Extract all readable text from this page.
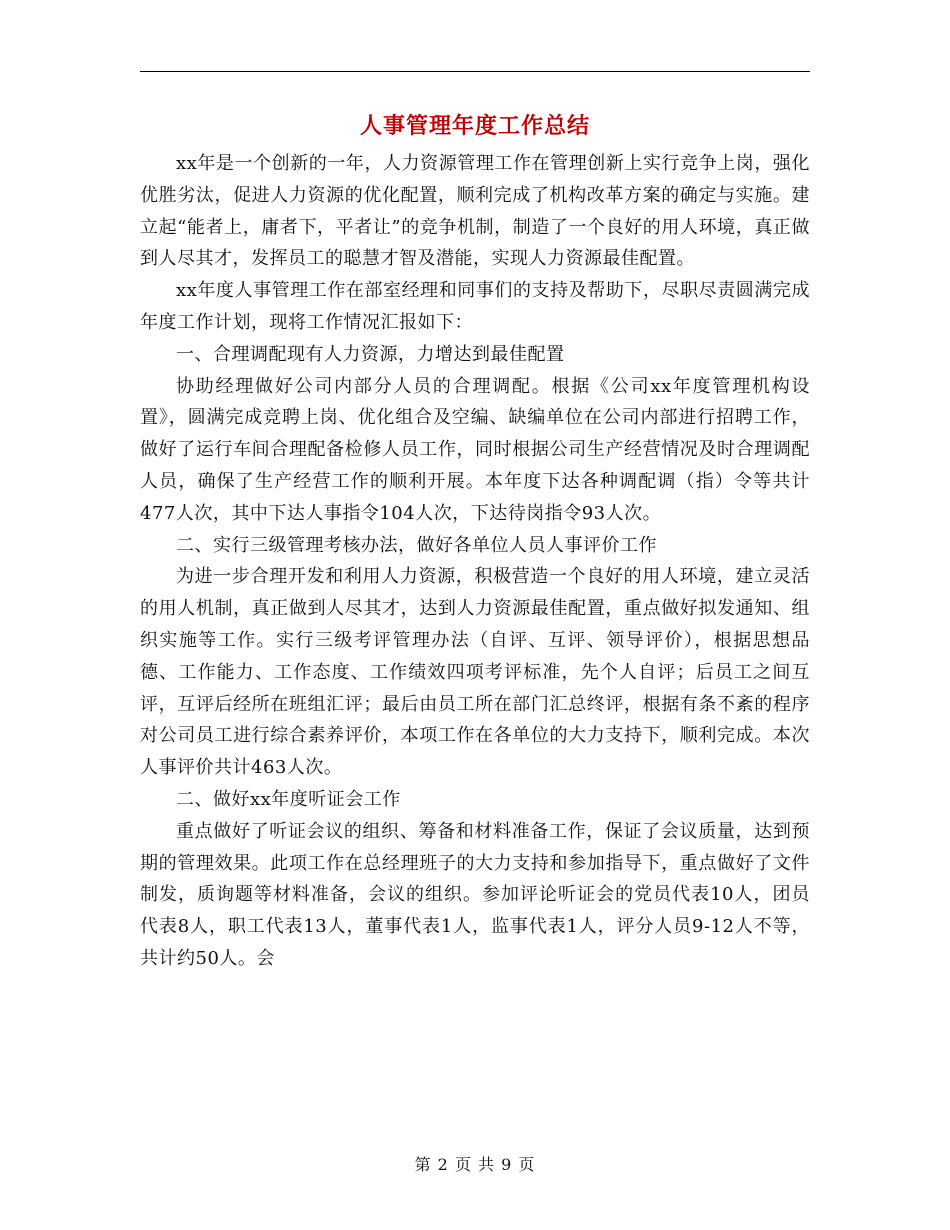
人事管理年度工作总结

xx年是一个创新的一年，人力资源管理工作在管理创新上实行竞争上岗，强化优胜劣汰，促进人力资源的优化配置，顺利完成了机构改革方案的确定与实施。建立起“能者上，庸者下，平者让”的竞争机制，制造了一个良好的用人环境，真正做到人尽其才，发挥员工的聪慧才智及潜能，实现人力资源最佳配置。

xx年度人事管理工作在部室经理和同事们的支持及帮助下，尽职尽责圆满完成年度工作计划，现将工作情况汇报如下：

一、合理调配现有人力资源，力增达到最佳配置

协助经理做好公司内部分人员的合理调配。根据《公司xx年度管理机构设置》，圆满完成竞聘上岗、优化组合及空编、缺编单位在公司内部进行招聘工作，做好了运行车间合理配备检修人员工作，同时根据公司生产经营情况及时合理调配人员，确保了生产经营工作的顺利开展。本年度下达各种调配调（指）令等共计477人次，其中下达人事指令104人次，下达待岗指令93人次。

二、实行三级管理考核办法，做好各单位人员人事评价工作

为进一步合理开发和利用人力资源，积极营造一个良好的用人环境，建立灵活的用人机制，真正做到人尽其才，达到人力资源最佳配置，重点做好拟发通知、组织实施等工作。实行三级考评管理办法（自评、互评、领导评价），根据思想品德、工作能力、工作态度、工作绩效四项考评标准，先个人自评；后员工之间互评，互评后经所在班组汇评；最后由员工所在部门汇总终评，根据有条不紊的程序对公司员工进行综合素养评价，本项工作在各单位的大力支持下，顺利完成。本次人事评价共计463人次。

二、做好xx年度听证会工作

重点做好了听证会议的组织、筹备和材料准备工作，保证了会议质量，达到预期的管理效果。此项工作在总经理班子的大力支持和参加指导下，重点做好了文件制发，质询题等材料准备，会议的组织。参加评论听证会的党员代表10人，团员代表8人，职工代表13人，董事代表1人，监事代表1人，评分人员9-12人不等，共计约50人。会

第 2 页 共 9 页
